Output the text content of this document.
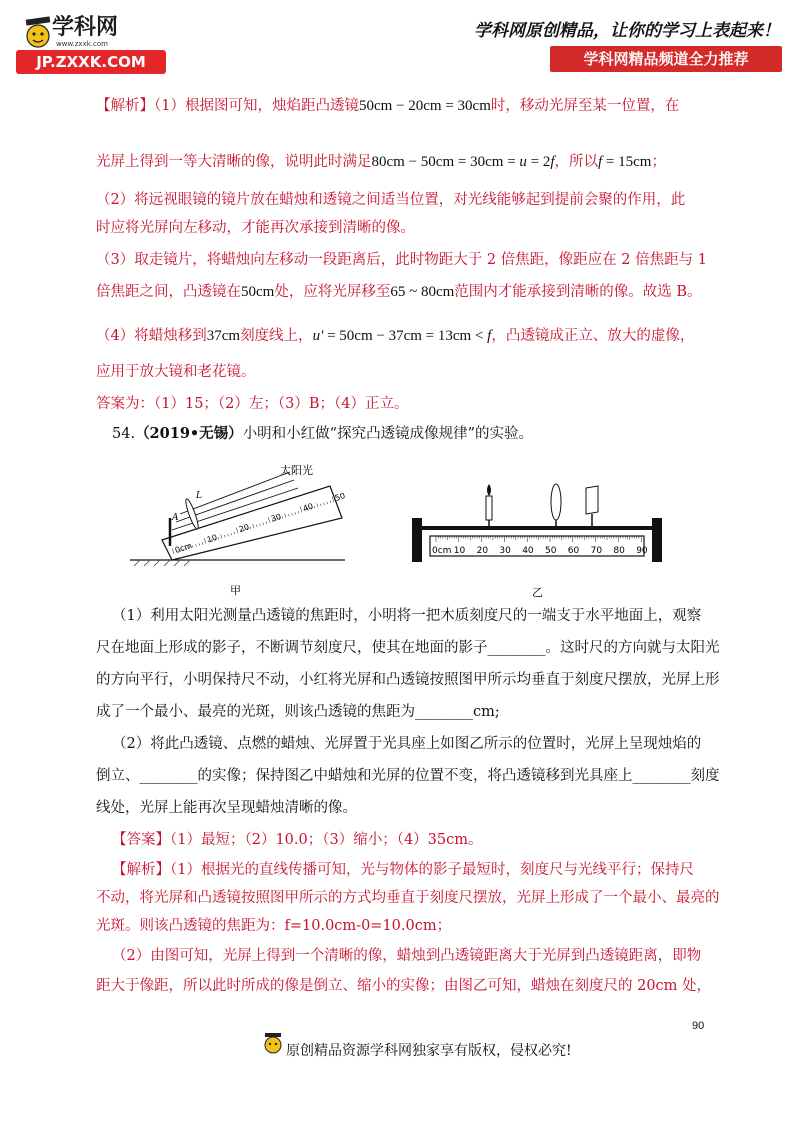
学科网
www.zxxk.com
JP.ZXXK.COM
学科网原创精品，让你的学习上表起来！
学科网精品频道全力推荐
【解析】（1）根据图可知，烛焰距凸透镜50cm − 20cm = 30cm时，移动光屏至某一位置，在
光屏上得到一等大清晰的像，说明此时满足80cm − 50cm = 30cm = u = 2f，所以f = 15cm；
（2）将远视眼镜的镜片放在蜡烛和透镜之间适当位置，对光线能够起到提前会聚的作用，此
时应将光屏向左移动，才能再次承接到清晰的像。
（3）取走镜片，将蜡烛向左移动一段距离后，此时物距大于 2 倍焦距，像距应在 2 倍焦距与 1
倍焦距之间，凸透镜在50cm处，应将光屏移至65 ~ 80cm范围内才能承接到清晰的像。故选 B。
（4）将蜡烛移到37cm刻度线上，u′ = 50cm − 37cm = 13cm < f，凸透镜成正立、放大的虚像，
应用于放大镜和老花镜。
答案为：（1）15；（2）左；（3）B；（4）正立。
54.（2019•无锡）小明和小红做“探究凸透镜成像规律”的实验。
0cm
10
20
30
40
50
太阳光
A
L
甲
0cm 10 20 30 40 50 60 70 80 90
乙
（1）利用太阳光测量凸透镜的焦距时，小明将一把木质刻度尺的一端支于水平地面上，观察
尺在地面上形成的影子，不断调节刻度尺，使其在地面的影子________。这时尺的方向就与太阳光
的方向平行，小明保持尺不动，小红将光屏和凸透镜按照图甲所示均垂直于刻度尺摆放，光屏上形
成了一个最小、最亮的光斑，则该凸透镜的焦距为________cm;
（2）将此凸透镜、点燃的蜡烛、光屏置于光具座上如图乙所示的位置时，光屏上呈现烛焰的
倒立、________的实像；保持图乙中蜡烛和光屏的位置不变，将凸透镜移到光具座上________刻度
线处，光屏上能再次呈现蜡烛清晰的像。
【答案】（1）最短；（2）10.0；（3）缩小；（4）35cm。
【解析】（1）根据光的直线传播可知，光与物体的影子最短时，刻度尺与光线平行；保持尺
不动，将光屏和凸透镜按照图甲所示的方式均垂直于刻度尺摆放，光屏上形成了一个最小、最亮的
光斑。则该凸透镜的焦距为：f=10.0cm-0=10.0cm；
（2）由图可知，光屏上得到一个清晰的像，蜡烛到凸透镜距离大于光屏到凸透镜距离，即物
距大于像距，所以此时所成的像是倒立、缩小的实像；由图乙可知，蜡烛在刻度尺的 20cm 处，
90
原创精品资源学科网独家享有版权，侵权必究!
